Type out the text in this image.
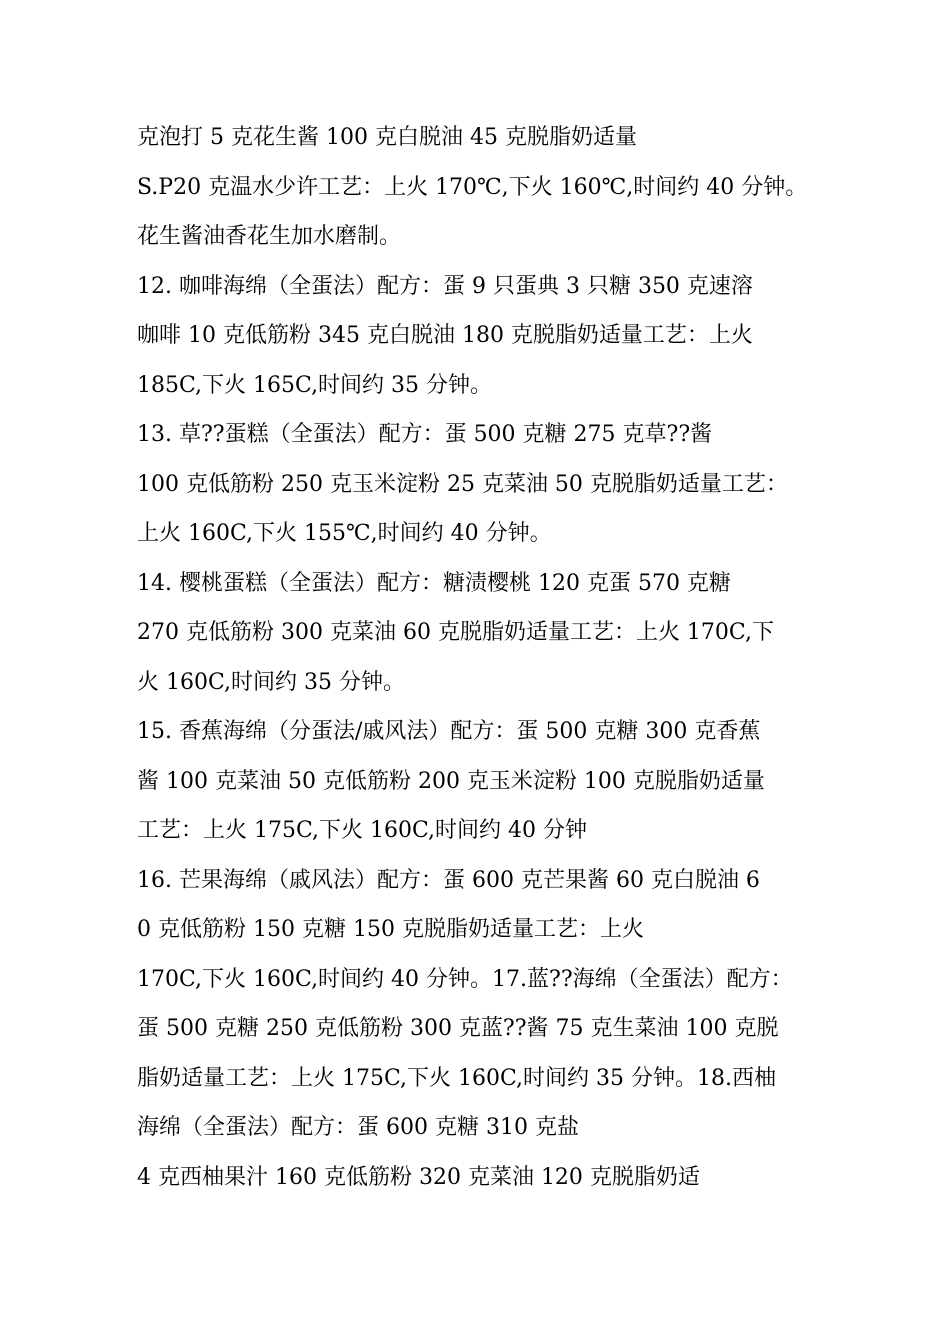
克泡打 5 克花生酱 100 克白脱油 45 克脱脂奶适量
S.P20 克温水少许工艺：上火 170℃,下火 160℃,时间约 40 分钟。
花生酱油香花生加水磨制。
12. 咖啡海绵（全蛋法）配方：蛋 9 只蛋典 3 只糖 350 克速溶
咖啡 10 克低筋粉 345 克白脱油 180 克脱脂奶适量工艺：上火
185C,下火 165C,时间约 35 分钟。
13. 草??蛋糕（全蛋法）配方：蛋 500 克糖 275 克草??酱
100 克低筋粉 250 克玉米淀粉 25 克菜油 50 克脱脂奶适量工艺：
上火 160C,下火 155℃,时间约 40 分钟。
14. 樱桃蛋糕（全蛋法）配方：糖渍樱桃 120 克蛋 570 克糖
270 克低筋粉 300 克菜油 60 克脱脂奶适量工艺：上火 170C,下
火 160C,时间约 35 分钟。
15. 香蕉海绵（分蛋法/戚风法）配方：蛋 500 克糖 300 克香蕉
酱 100 克菜油 50 克低筋粉 200 克玉米淀粉 100 克脱脂奶适量
工艺：上火 175C,下火 160C,时间约 40 分钟
16. 芒果海绵（戚风法）配方：蛋 600 克芒果酱 60 克白脱油 6
0 克低筋粉 150 克糖 150 克脱脂奶适量工艺：上火
170C,下火 160C,时间约 40 分钟。17.蓝??海绵（全蛋法）配方：
蛋 500 克糖 250 克低筋粉 300 克蓝??酱 75 克生菜油 100 克脱
脂奶适量工艺：上火 175C,下火 160C,时间约 35 分钟。18.西柚
海绵（全蛋法）配方：蛋 600 克糖 310 克盐
4 克西柚果汁 160 克低筋粉 320 克菜油 120 克脱脂奶适
